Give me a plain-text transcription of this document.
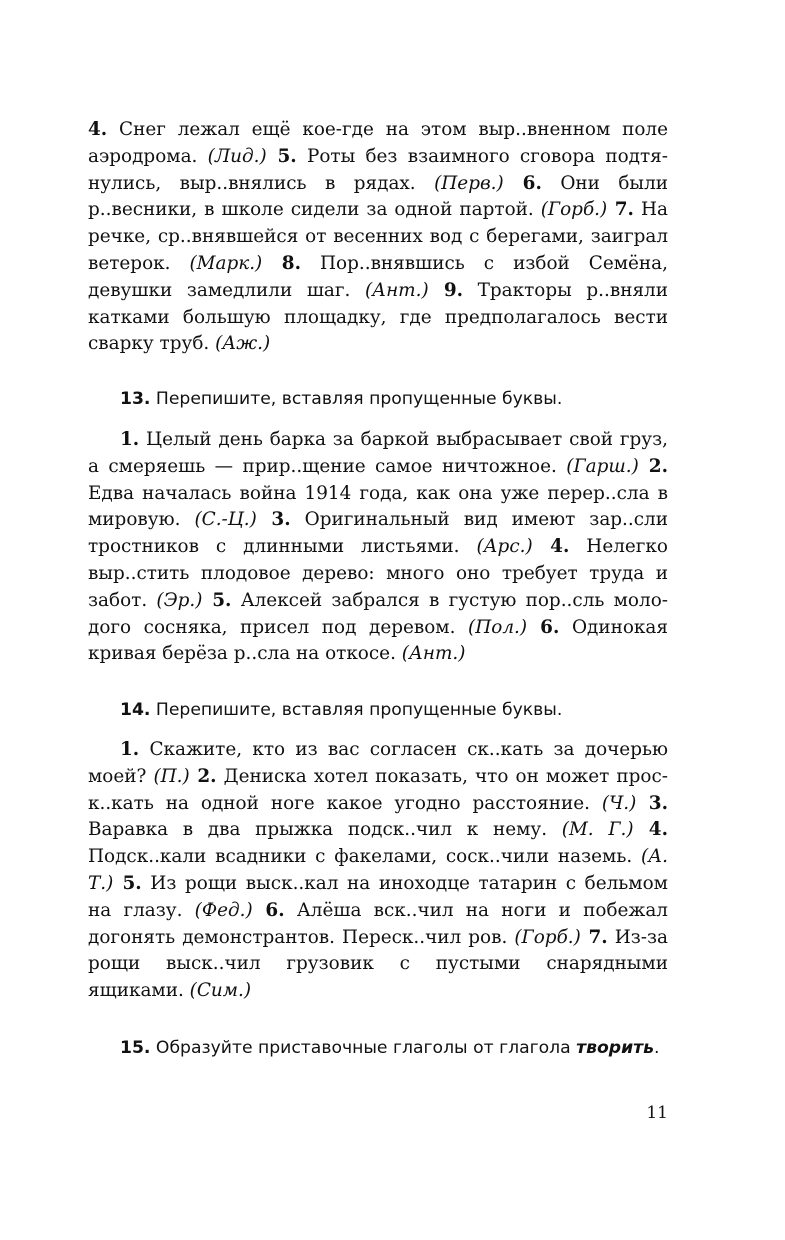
4. Снег лежал ещё кое-где на этом выр..вненном поле аэродрома. (Лид.) 5. Роты без взаимного сговора подтянулись, выр..внялись в рядах. (Перв.) 6. Они были р..весники, в школе сидели за одной партой. (Горб.) 7. На речке, ср..внявшейся от весенних вод с берегами, заиграл ветерок. (Марк.) 8. Пор..внявшись с избой Семёна, девушки замедлили шаг. (Ант.) 9. Тракторы р..вняли катками большую площадку, где предполагалось вести сварку труб. (Аж.)

13. Перепишите, вставляя пропущенные буквы.

1. Целый день барка за баркой выбрасывает свой груз, а смеряешь — прир..щение самое ничтожное. (Гарш.) 2. Едва началась война 1914 года, как она уже перер..сла в мировую. (С.-Ц.) 3. Оригинальный вид имеют зар..сли тростников с длинными листьями. (Арс.) 4. Нелегко выр..стить плодовое дерево: много оно требует труда и забот. (Эр.) 5. Алексей забрался в густую пор..сль молодого сосняка, присел под деревом. (Пол.) 6. Одинокая кривая берёза р..сла на откосе. (Ант.)

14. Перепишите, вставляя пропущенные буквы.

1. Скажите, кто из вас согласен ск..кать за дочерью моей? (П.) 2. Дениска хотел показать, что он может проск..кать на одной ноге какое угодно расстояние. (Ч.) 3. Варавка в два прыжка подск..чил к нему. (М. Г.) 4. Подск..кали всадники с факелами, соск..чили наземь. (А. Т.) 5. Из рощи выск..кал на иноходце татарин с бельмом на глазу. (Фед.) 6. Алёша вск..чил на ноги и побежал догонять демонстрантов. Переск..чил ров. (Горб.) 7. Из-за рощи выск..чил грузовик с пустыми снарядными ящиками. (Сим.)

15. Образуйте приставочные глаголы от глагола творить.
11
